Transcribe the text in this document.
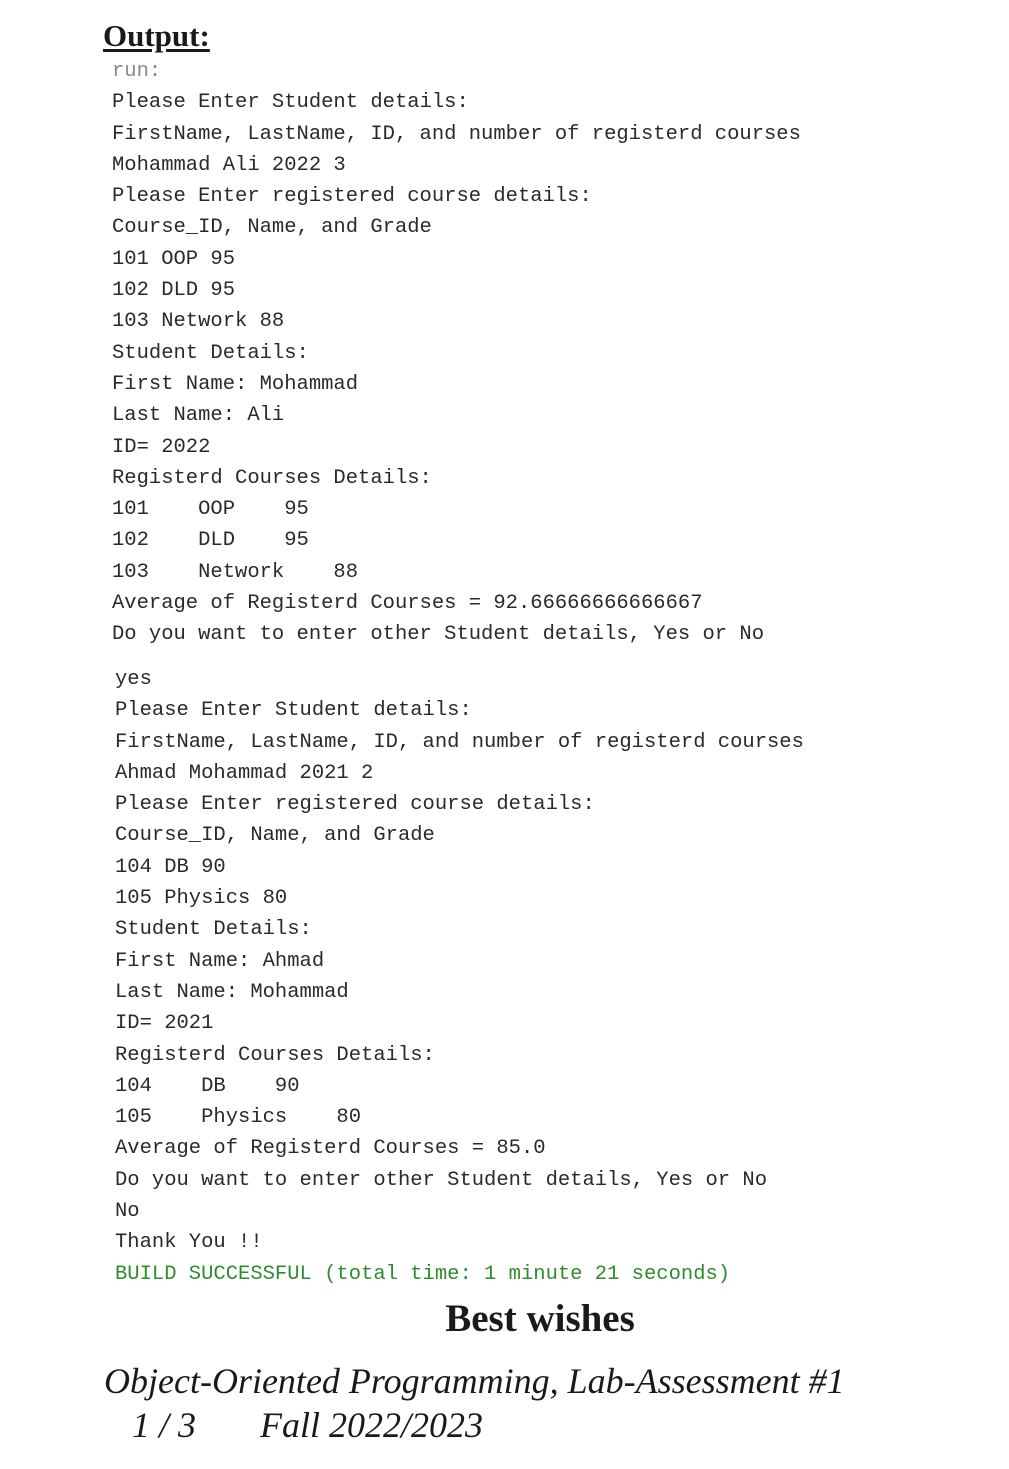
Output:
run:
Please Enter Student details:
FirstName, LastName, ID, and number of registerd courses
Mohammad Ali 2022 3
Please Enter registered course details:
Course_ID, Name, and Grade
101 OOP 95
102 DLD 95
103 Network 88
Student Details:
First Name: Mohammad
Last Name: Ali
ID= 2022
Registerd Courses Details:
101    OOP    95
102    DLD    95
103    Network    88
Average of Registerd Courses = 92.66666666666667
Do you want to enter other Student details, Yes or No
yes
Please Enter Student details:
FirstName, LastName, ID, and number of registerd courses
Ahmad Mohammad 2021 2
Please Enter registered course details:
Course_ID, Name, and Grade
104 DB 90
105 Physics 80
Student Details:
First Name: Ahmad
Last Name: Mohammad
ID= 2021
Registerd Courses Details:
104    DB    90
105    Physics    80
Average of Registerd Courses = 85.0
Do you want to enter other Student details, Yes or No
No
Thank You !!
BUILD SUCCESSFUL (total time: 1 minute 21 seconds)
Best wishes
Object-Oriented Programming, Lab-Assessment #1
1 / 3 Fall 2022/2023
